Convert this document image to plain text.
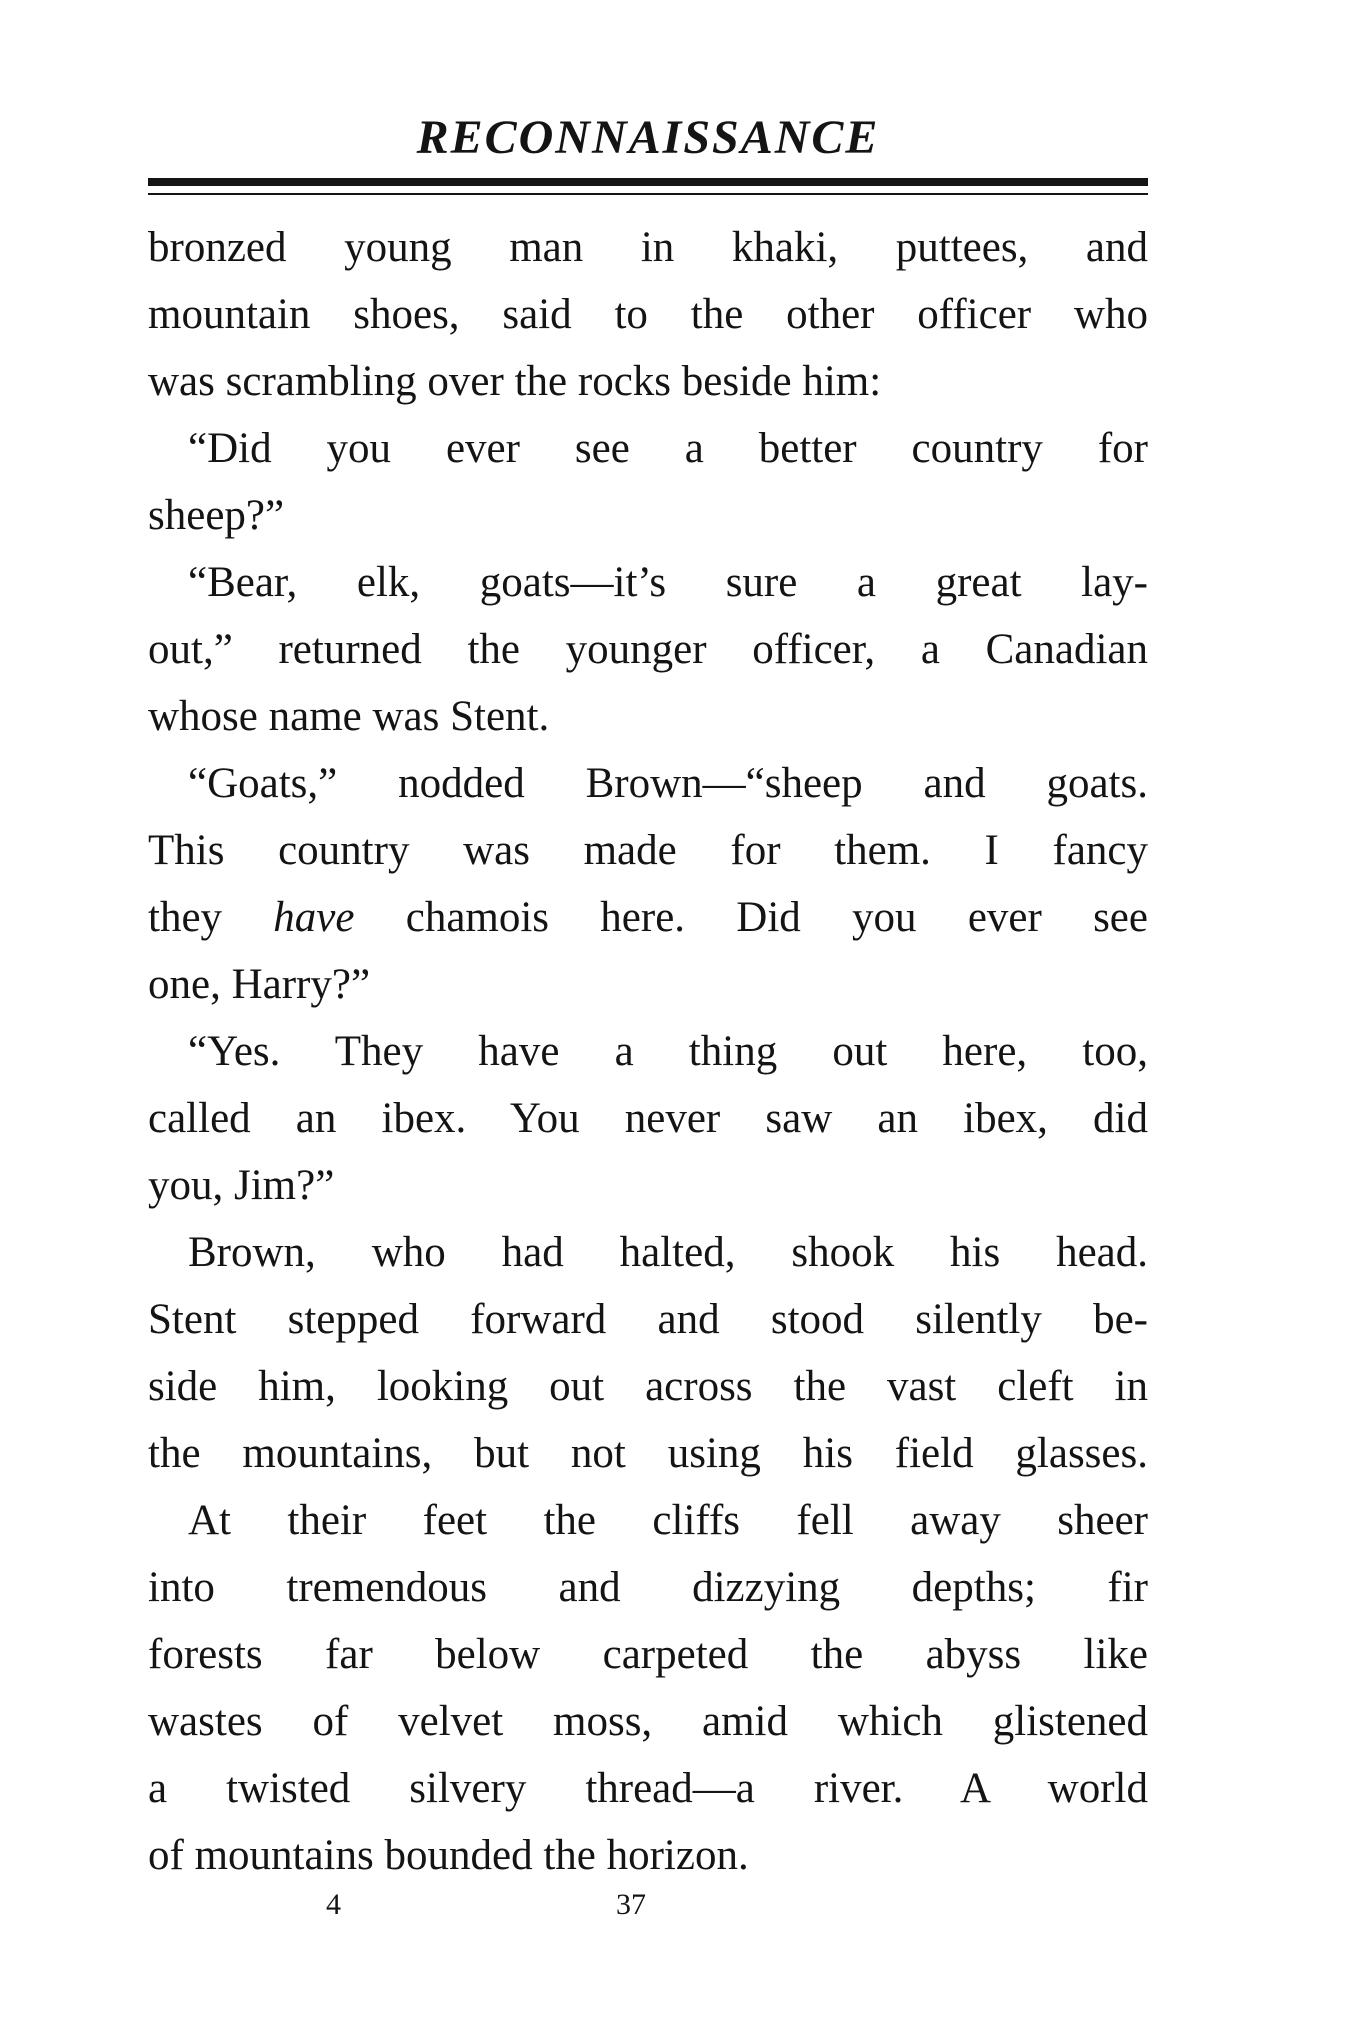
RECONNAISSANCE
bronzed young man in khaki, puttees, and
mountain shoes, said to the other officer who
was scrambling over the rocks beside him:
“Did you ever see a better country for
sheep?”
“Bear, elk, goats—it’s sure a great lay-
out,” returned the younger officer, a Canadian
whose name was Stent.
“Goats,” nodded Brown—“sheep and goats.
This country was made for them. I fancy
they have chamois here. Did you ever see
one, Harry?”
“Yes. They have a thing out here, too,
called an ibex. You never saw an ibex, did
you, Jim?”
Brown, who had halted, shook his head.
Stent stepped forward and stood silently be-
side him, looking out across the vast cleft in
the mountains, but not using his field glasses.
At their feet the cliffs fell away sheer
into tremendous and dizzying depths; fir
forests far below carpeted the abyss like
wastes of velvet moss, amid which glistened
a twisted silvery thread—a river. A world
of mountains bounded the horizon.

4	37
